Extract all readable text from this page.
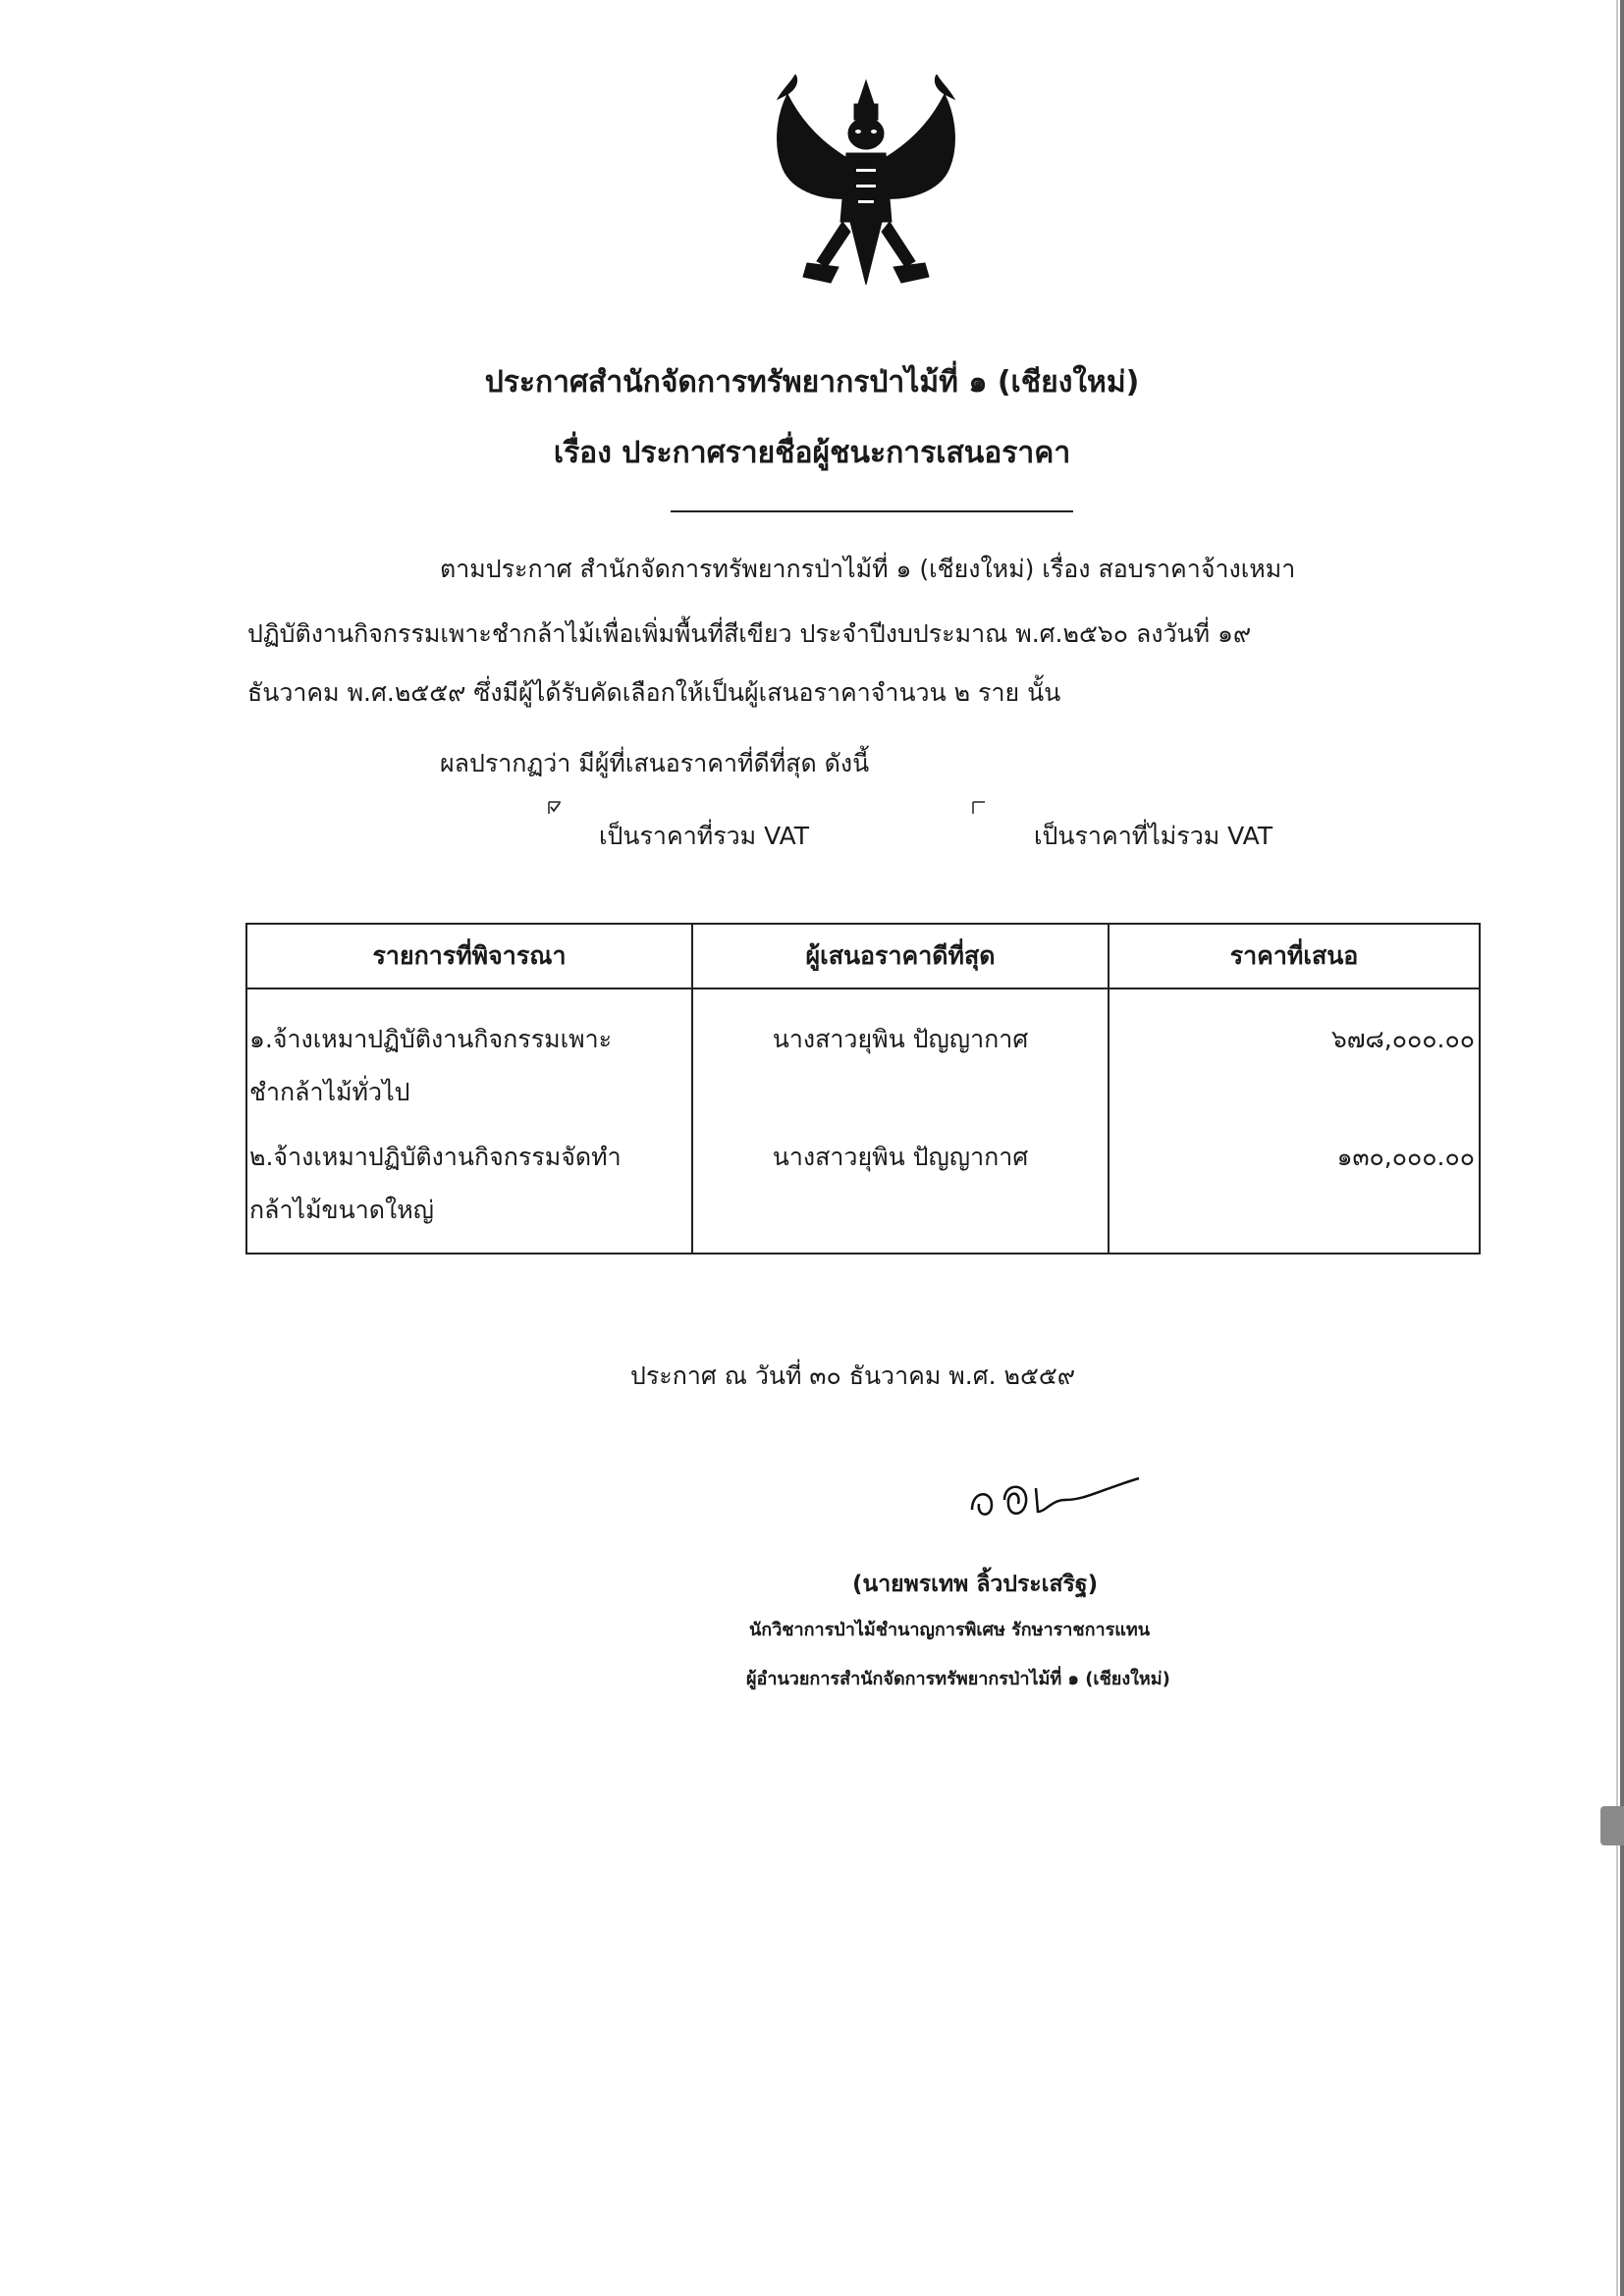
ประกาศสำนักจัดการทรัพยากรป่าไม้ที่ ๑ (เชียงใหม่)
เรื่อง ประกาศรายชื่อผู้ชนะการเสนอราคา
ตามประกาศ สำนักจัดการทรัพยากรป่าไม้ที่ ๑ (เชียงใหม่) เรื่อง สอบราคาจ้างเหมา
ปฏิบัติงานกิจกรรมเพาะชำกล้าไม้เพื่อเพิ่มพื้นที่สีเขียว ประจำปีงบประมาณ พ.ศ.๒๕๖๐ ลงวันที่ ๑๙
ธันวาคม พ.ศ.๒๕๕๙ ซึ่งมีผู้ได้รับคัดเลือกให้เป็นผู้เสนอราคาจำนวน ๒ ราย นั้น
ผลปรากฏว่า มีผู้ที่เสนอราคาที่ดีที่สุด ดังนี้
เป็นราคาที่รวม VAT	เป็นราคาที่ไม่รวม VAT
รายการที่พิจารณา	ผู้เสนอราคาดีที่สุด	ราคาที่เสนอ

๑.จ้างเหมาปฏิบัติงานกิจกรรมเพาะ
ชำกล้าไม้ทั่วไป	นางสาวยุพิน ปัญญากาศ	๖๗๘,๐๐๐.๐๐

๒.จ้างเหมาปฏิบัติงานกิจกรรมจัดทำ
กล้าไม้ขนาดใหญ่	นางสาวยุพิน ปัญญากาศ	๑๓๐,๐๐๐.๐๐
ประกาศ ณ วันที่ ๓๐ ธันวาคม พ.ศ. ๒๕๕๙
(นายพรเทพ ลิ้วประเสริฐ)
นักวิชาการป่าไม้ชำนาญการพิเศษ รักษาราชการแทน
ผู้อำนวยการสำนักจัดการทรัพยากรป่าไม้ที่ ๑ (เชียงใหม่)
